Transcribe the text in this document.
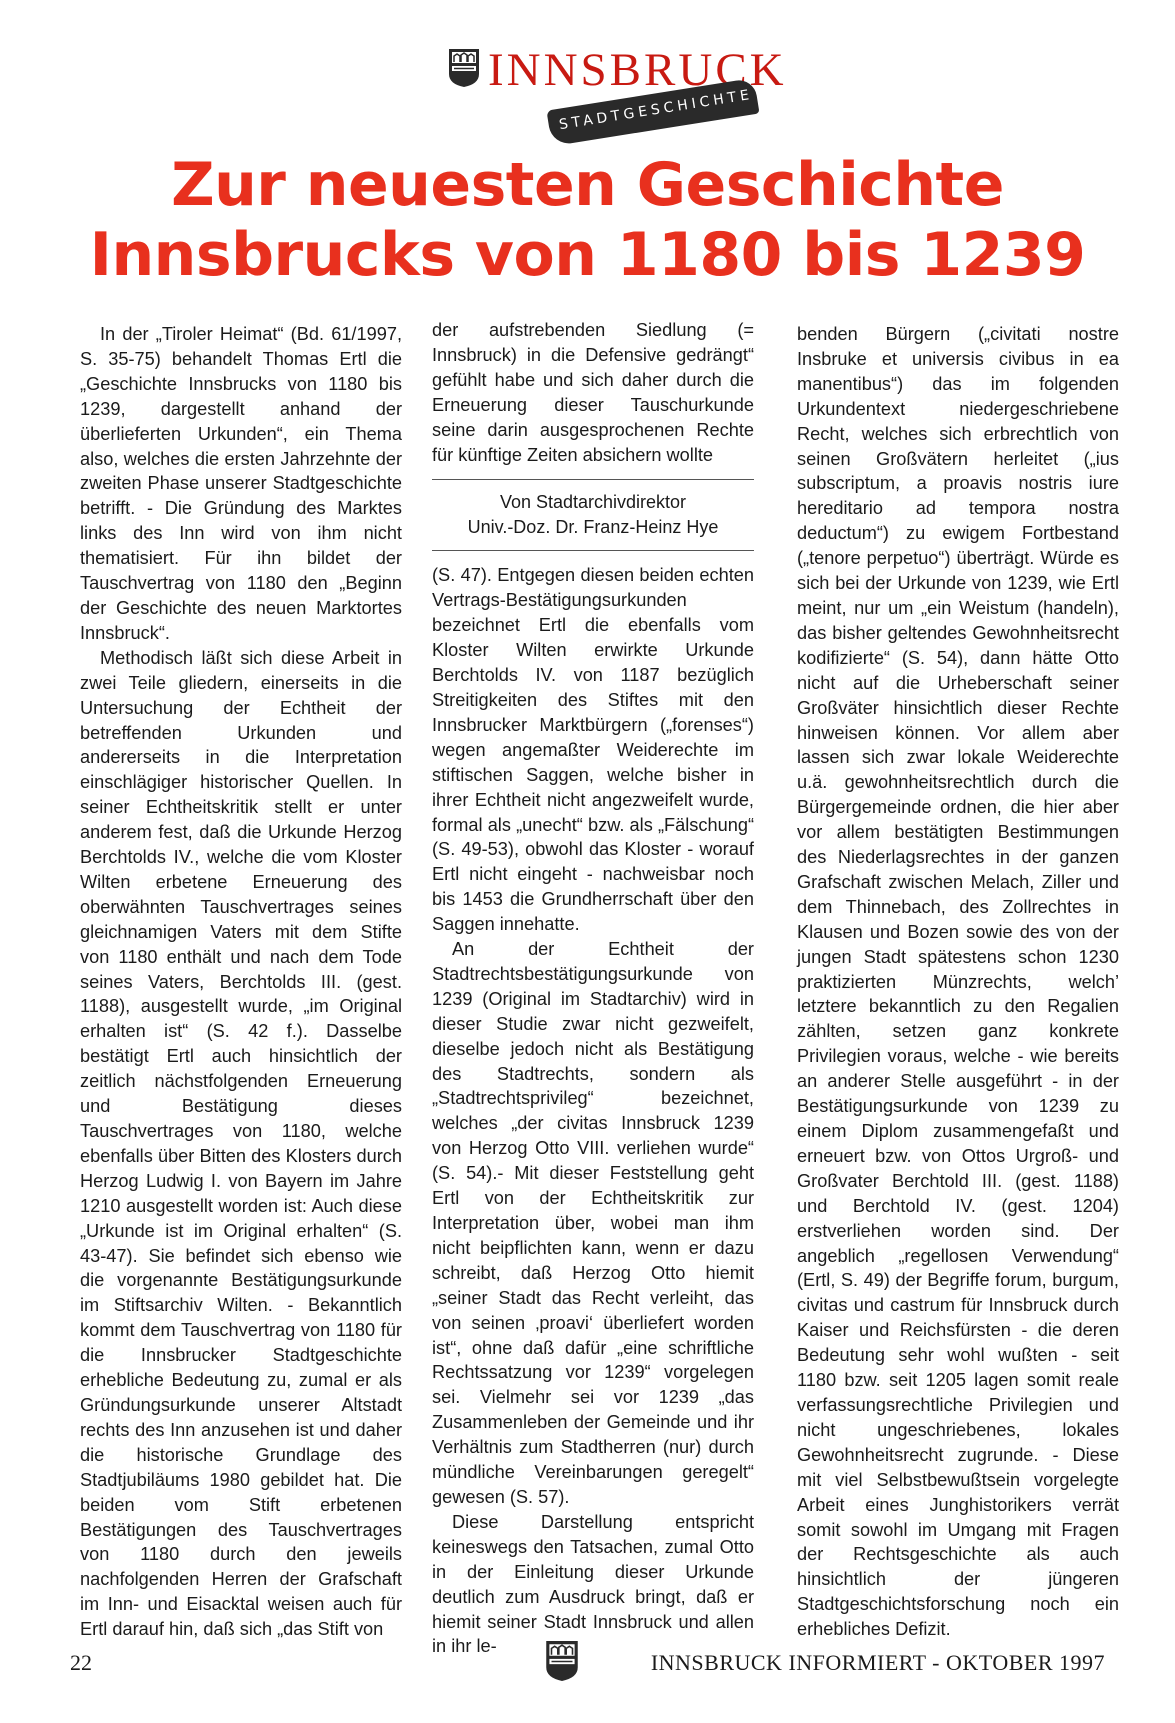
INNSBRUCK
STADTGESCHICHTE
Zur neuesten Geschichte
Innsbrucks von 1180 bis 1239

In der „Tiroler Heimat“ (Bd. 61/1997, S. 35-75) behandelt Thomas Ertl die „Geschichte Innsbrucks von 1180 bis 1239, dargestellt anhand der überlieferten Urkunden“, ein Thema also, welches die ersten Jahrzehnte der zweiten Phase unserer Stadtgeschichte betrifft. - Die Gründung des Marktes links des Inn wird von ihm nicht thematisiert. Für ihn bildet der Tauschvertrag von 1180 den „Beginn der Geschichte des neuen Marktortes Innsbruck“.

Methodisch läßt sich diese Arbeit in zwei Teile gliedern, einerseits in die Untersuchung der Echtheit der betreffenden Urkunden und andererseits in die Interpretation einschlägiger historischer Quellen. In seiner Echtheitskritik stellt er unter anderem fest, daß die Urkunde Herzog Berchtolds IV., welche die vom Kloster Wilten erbetene Erneuerung des oberwähnten Tauschvertrages seines gleichnamigen Vaters mit dem Stifte von 1180 enthält und nach dem Tode seines Vaters, Berchtolds III. (gest. 1188), ausgestellt wurde, „im Original erhalten ist“ (S. 42 f.). Dasselbe bestätigt Ertl auch hinsichtlich der zeitlich nächstfolgenden Erneuerung und Bestätigung dieses Tauschvertrages von 1180, welche ebenfalls über Bitten des Klosters durch Herzog Ludwig I. von Bayern im Jahre 1210 ausgestellt worden ist: Auch diese „Urkunde ist im Original erhalten“ (S. 43-47). Sie befindet sich ebenso wie die vorgenannte Bestätigungsurkunde im Stiftsarchiv Wilten. - Bekanntlich kommt dem Tauschvertrag von 1180 für die Innsbrucker Stadtgeschichte erhebliche Bedeutung zu, zumal er als Gründungsurkunde unserer Altstadt rechts des Inn anzusehen ist und daher die historische Grundlage des Stadtjubiläums 1980 gebildet hat. Die beiden vom Stift erbetenen Bestätigungen des Tauschvertrages von 1180 durch den jeweils nachfolgenden Herren der Grafschaft im Inn- und Eisacktal weisen auch für Ertl darauf hin, daß sich „das Stift von

der aufstrebenden Siedlung (= Innsbruck) in die Defensive gedrängt“ gefühlt habe und sich daher durch die Erneuerung dieser Tauschurkunde seine darin ausgesprochenen Rechte für künftige Zeiten absichern wollte

Von Stadtarchivdirektor
Univ.-Doz. Dr. Franz-Heinz Hye

(S. 47). Entgegen diesen beiden echten Vertrags-Bestätigungsurkunden bezeichnet Ertl die ebenfalls vom Kloster Wilten erwirkte Urkunde Berchtolds IV. von 1187 bezüglich Streitigkeiten des Stiftes mit den Innsbrucker Marktbürgern („forenses“) wegen angemaßter Weiderechte im stiftischen Saggen, welche bisher in ihrer Echtheit nicht angezweifelt wurde, formal als „unecht“ bzw. als „Fälschung“ (S. 49-53), obwohl das Kloster - worauf Ertl nicht eingeht - nachweisbar noch bis 1453 die Grundherrschaft über den Saggen innehatte.

An der Echtheit der Stadtrechtsbestätigungsurkunde von 1239 (Original im Stadtarchiv) wird in dieser Studie zwar nicht gezweifelt, dieselbe jedoch nicht als Bestätigung des Stadtrechts, sondern als „Stadtrechtsprivileg“ bezeichnet, welches „der civitas Innsbruck 1239 von Herzog Otto VIII. verliehen wurde“ (S. 54).- Mit dieser Feststellung geht Ertl von der Echtheitskritik zur Interpretation über, wobei man ihm nicht beipflichten kann, wenn er dazu schreibt, daß Herzog Otto hiemit „seiner Stadt das Recht verleiht, das von seinen ‚proavi‘ überliefert worden ist“, ohne daß dafür „eine schriftliche Rechtssatzung vor 1239“ vorgelegen sei. Vielmehr sei vor 1239 „das Zusammenleben der Gemeinde und ihr Verhältnis zum Stadtherren (nur) durch mündliche Vereinbarungen geregelt“ gewesen (S. 57).

Diese Darstellung entspricht keineswegs den Tatsachen, zumal Otto in der Einleitung dieser Urkunde deutlich zum Ausdruck bringt, daß er hiemit seiner Stadt Innsbruck und allen in ihr le-

benden Bürgern („civitati nostre Insbruke et universis civibus in ea manentibus“) das im folgenden Urkundentext niedergeschriebene Recht, welches sich erbrechtlich von seinen Großvätern herleitet („ius subscriptum, a proavis nostris iure hereditario ad tempora nostra deductum“) zu ewigem Fortbestand („tenore perpetuo“) überträgt. Würde es sich bei der Urkunde von 1239, wie Ertl meint, nur um „ein Weistum (handeln), das bisher geltendes Gewohnheitsrecht kodifizierte“ (S. 54), dann hätte Otto nicht auf die Urheberschaft seiner Großväter hinsichtlich dieser Rechte hinweisen können. Vor allem aber lassen sich zwar lokale Weiderechte u.ä. gewohnheitsrechtlich durch die Bürgergemeinde ordnen, die hier aber vor allem bestätigten Bestimmungen des Niederlagsrechtes in der ganzen Grafschaft zwischen Melach, Ziller und dem Thinnebach, des Zollrechtes in Klausen und Bozen sowie des von der jungen Stadt spätestens schon 1230 praktizierten Münzrechts, welch’ letztere bekanntlich zu den Regalien zählten, setzen ganz konkrete Privilegien voraus, welche - wie bereits an anderer Stelle ausgeführt - in der Bestätigungsurkunde von 1239 zu einem Diplom zusammengefaßt und erneuert bzw. von Ottos Urgroß- und Großvater Berchtold III. (gest. 1188) und Berchtold IV. (gest. 1204) erstverliehen worden sind. Der angeblich „regellosen Verwendung“ (Ertl, S. 49) der Begriffe forum, burgum, civitas und castrum für Innsbruck durch Kaiser und Reichsfürsten - die deren Bedeutung sehr wohl wußten - seit 1180 bzw. seit 1205 lagen somit reale verfassungsrechtliche Privilegien und nicht ungeschriebenes, lokales Gewohnheitsrecht zugrunde. - Diese mit viel Selbstbewußtsein vorgelegte Arbeit eines Junghistorikers verrät somit sowohl im Umgang mit Fragen der Rechtsgeschichte als auch hinsichtlich der jüngeren Stadtgeschichtsforschung noch ein erhebliches Defizit.

22	INNSBRUCK INFORMIERT - OKTOBER 1997
